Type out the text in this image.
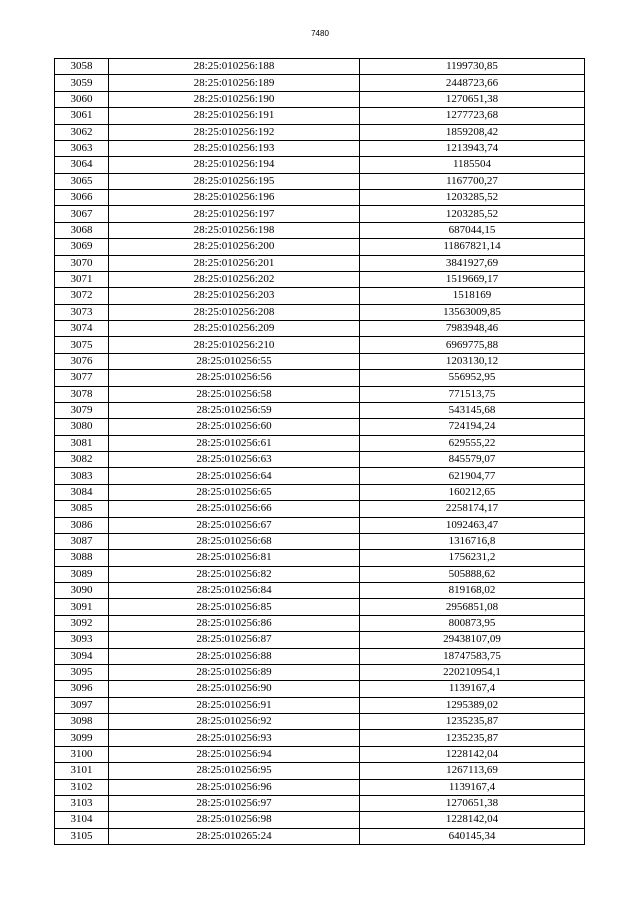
7480
3058	28:25:010256:188	1199730,85
3059	28:25:010256:189	2448723,66
3060	28:25:010256:190	1270651,38
3061	28:25:010256:191	1277723,68
3062	28:25:010256:192	1859208,42
3063	28:25:010256:193	1213943,74
3064	28:25:010256:194	1185504
3065	28:25:010256:195	1167700,27
3066	28:25:010256:196	1203285,52
3067	28:25:010256:197	1203285,52
3068	28:25:010256:198	687044,15
3069	28:25:010256:200	11867821,14
3070	28:25:010256:201	3841927,69
3071	28:25:010256:202	1519669,17
3072	28:25:010256:203	1518169
3073	28:25:010256:208	13563009,85
3074	28:25:010256:209	7983948,46
3075	28:25:010256:210	6969775,88
3076	28:25:010256:55	1203130,12
3077	28:25:010256:56	556952,95
3078	28:25:010256:58	771513,75
3079	28:25:010256:59	543145,68
3080	28:25:010256:60	724194,24
3081	28:25:010256:61	629555,22
3082	28:25:010256:63	845579,07
3083	28:25:010256:64	621904,77
3084	28:25:010256:65	160212,65
3085	28:25:010256:66	2258174,17
3086	28:25:010256:67	1092463,47
3087	28:25:010256:68	1316716,8
3088	28:25:010256:81	1756231,2
3089	28:25:010256:82	505888,62
3090	28:25:010256:84	819168,02
3091	28:25:010256:85	2956851,08
3092	28:25:010256:86	800873,95
3093	28:25:010256:87	29438107,09
3094	28:25:010256:88	18747583,75
3095	28:25:010256:89	220210954,1
3096	28:25:010256:90	1139167,4
3097	28:25:010256:91	1295389,02
3098	28:25:010256:92	1235235,87
3099	28:25:010256:93	1235235,87
3100	28:25:010256:94	1228142,04
3101	28:25:010256:95	1267113,69
3102	28:25:010256:96	1139167,4
3103	28:25:010256:97	1270651,38
3104	28:25:010256:98	1228142,04
3105	28:25:010265:24	640145,34
